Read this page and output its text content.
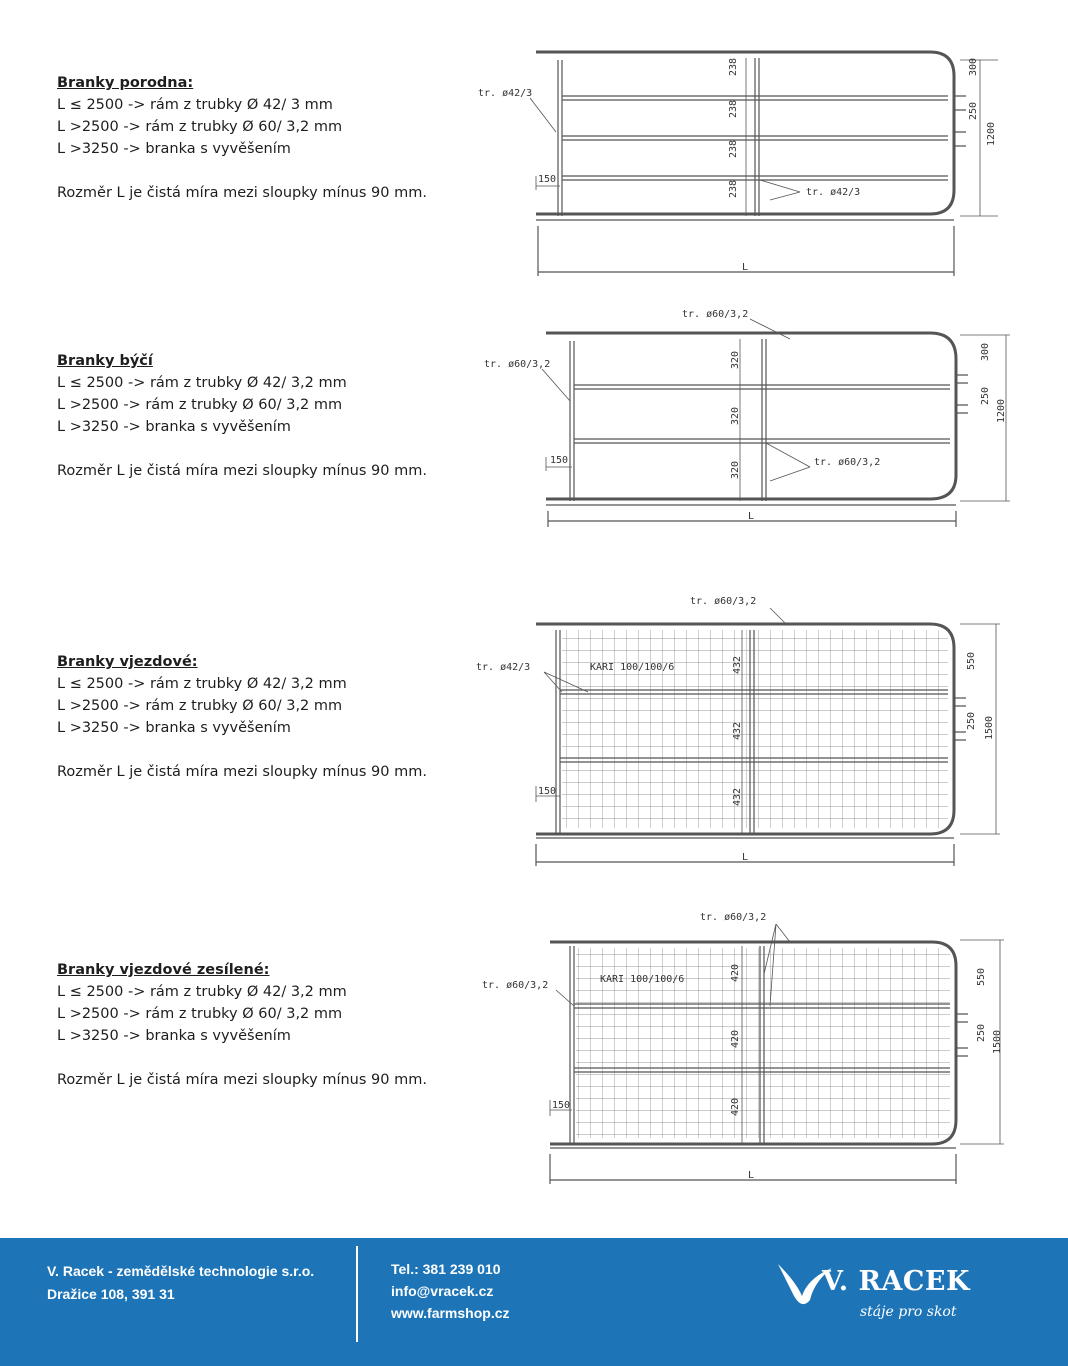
Branky porodna:
L ≤ 2500 -> rám z trubky Ø 42/ 3 mm
L >2500 -> rám z trubky Ø 60/ 3,2 mm
L >3250 -> branka s vyvěšením
Rozměr L je čistá míra mezi sloupky mínus 90 mm.
tr. ø42/3
tr. ø42/3
238
238
238
238
300
250
1200
150
L
Branky býčí
L ≤ 2500 -> rám z trubky Ø 42/ 3,2 mm
L >2500 -> rám z trubky Ø 60/ 3,2 mm
L >3250 -> branka s vyvěšením
Rozměr L je čistá míra mezi sloupky mínus 90 mm.
tr. ø60/3,2
tr. ø60/3,2
tr. ø60/3,2
320
320
320
300
250
1200
150
L
Branky vjezdové:
L ≤ 2500 -> rám z trubky Ø 42/ 3,2 mm
L >2500 -> rám z trubky Ø 60/ 3,2 mm
L >3250 -> branka s vyvěšením
Rozměr L je čistá míra mezi sloupky mínus 90 mm.
tr. ø42/3
tr. ø60/3,2
KARI 100/100/6	432
432
432
550
250 1500
150
L
Branky vjezdové zesílené:
L ≤ 2500 -> rám z trubky Ø 42/ 3,2 mm
L >2500 -> rám z trubky Ø 60/ 3,2 mm
L >3250 -> branka s vyvěšením
Rozměr L je čistá míra mezi sloupky mínus 90 mm.
tr. ø60/3,2
tr. ø60/3,2
KARI 100/100/6	420
420
420
550
250 1500
150
L
V. Racek - zemědělské technologie s.r.o.
Dražice 108, 391 31
Tel.: 381 239 010
info@vracek.cz
www.farmshop.cz
V. RACEK
stáje pro skot
